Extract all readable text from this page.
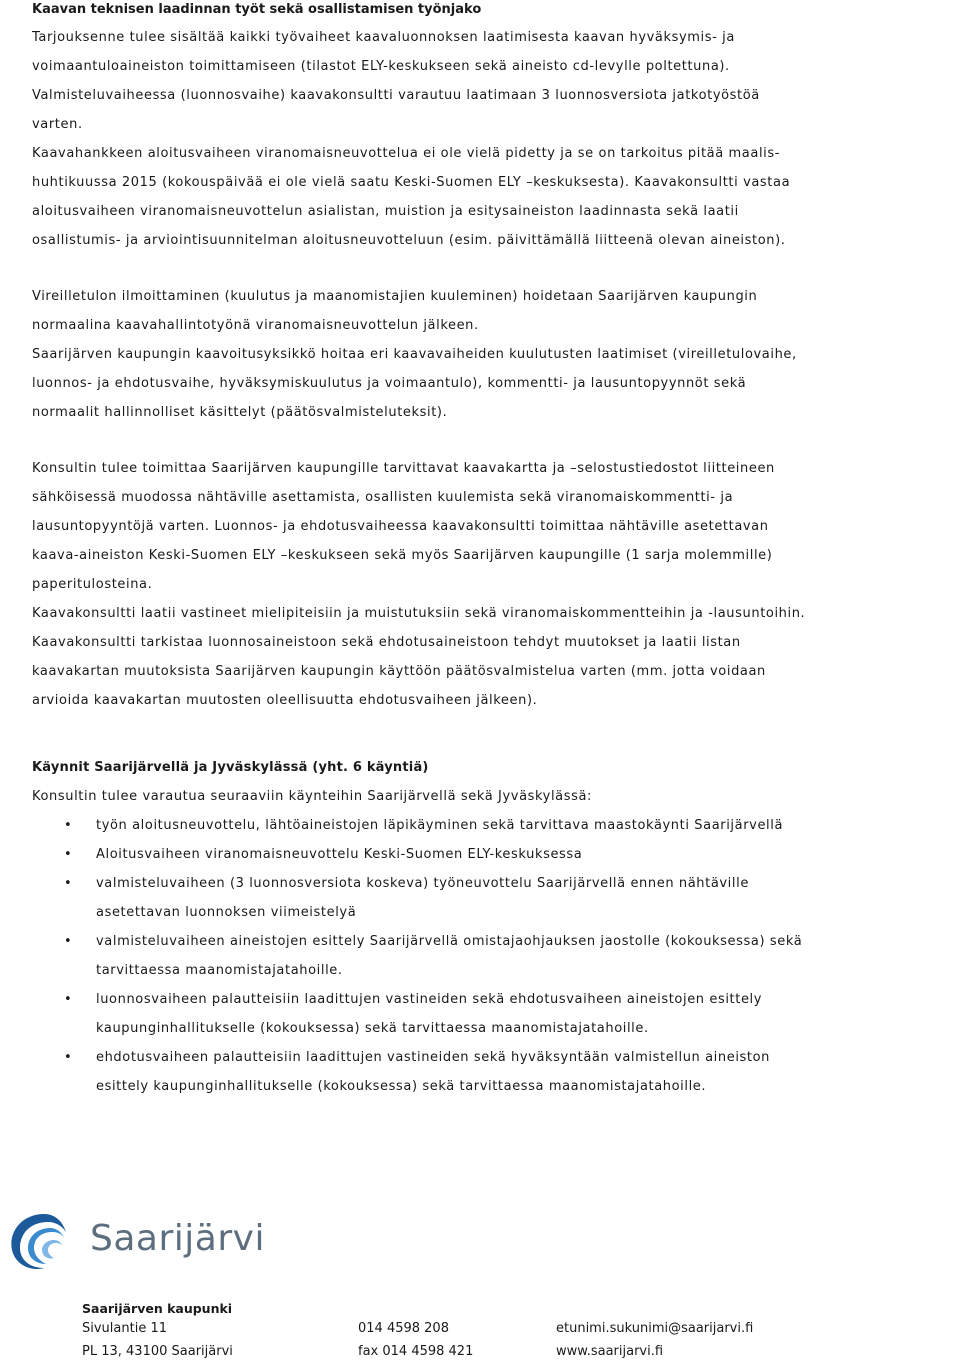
Kaavan teknisen laadinnan työt sekä osallistamisen työnjako

Tarjouksenne tulee sisältää kaikki työvaiheet kaavaluonnoksen laatimisesta kaavan hyväksymis- ja

voimaantuloaineiston toimittamiseen (tilastot ELY-keskukseen sekä aineisto cd-levylle poltettuna).

Valmisteluvaiheessa (luonnosvaihe) kaavakonsultti varautuu laatimaan 3 luonnosversiota jatkotyöstöä

varten.

Kaavahankkeen aloitusvaiheen viranomaisneuvottelua ei ole vielä pidetty ja se on tarkoitus pitää maalis-

huhtikuussa 2015 (kokouspäivää ei ole vielä saatu Keski-Suomen ELY –keskuksesta). Kaavakonsultti vastaa

aloitusvaiheen viranomaisneuvottelun asialistan, muistion ja esitysaineiston laadinnasta sekä laatii

osallistumis- ja arviointisuunnitelman aloitusneuvotteluun (esim. päivittämällä liitteenä olevan aineiston).

Vireilletulon ilmoittaminen (kuulutus ja maanomistajien kuuleminen) hoidetaan Saarijärven kaupungin

normaalina kaavahallintotyönä viranomaisneuvottelun jälkeen.

Saarijärven kaupungin kaavoitusyksikkö hoitaa eri kaavavaiheiden kuulutusten laatimiset (vireilletulovaihe,

luonnos- ja ehdotusvaihe, hyväksymiskuulutus ja voimaantulo), kommentti- ja lausuntopyynnöt sekä

normaalit hallinnolliset käsittelyt (päätösvalmisteluteksit).

Konsultin tulee toimittaa Saarijärven kaupungille tarvittavat kaavakartta ja –selostustiedostot liitteineen

sähköisessä muodossa nähtäville asettamista, osallisten kuulemista sekä viranomaiskommentti- ja

lausuntopyyntöjä varten. Luonnos- ja ehdotusvaiheessa kaavakonsultti toimittaa nähtäville asetettavan

kaava-aineiston Keski-Suomen ELY –keskukseen sekä myös Saarijärven kaupungille (1 sarja molemmille)

paperitulosteina.

Kaavakonsultti laatii vastineet mielipiteisiin ja muistutuksiin sekä viranomaiskommentteihin ja -lausuntoihin.

Kaavakonsultti tarkistaa luonnosaineistoon sekä ehdotusaineistoon tehdyt muutokset ja laatii listan

kaavakartan muutoksista Saarijärven kaupungin käyttöön päätösvalmistelua varten (mm. jotta voidaan

arvioida kaavakartan muutosten oleellisuutta ehdotusvaiheen jälkeen).

Käynnit Saarijärvellä ja Jyväskylässä (yht. 6 käyntiä)

Konsultin tulee varautua seuraaviin käynteihin Saarijärvellä sekä Jyväskylässä:

• työn aloitusneuvottelu, lähtöaineistojen läpikäyminen sekä tarvittava maastokäynti Saarijärvellä
• Aloitusvaiheen viranomaisneuvottelu Keski-Suomen ELY-keskuksessa
• valmisteluvaiheen (3 luonnosversiota koskeva) työneuvottelu Saarijärvellä ennen nähtäville
asetettavan luonnoksen viimeistelyä
• valmisteluvaiheen aineistojen esittely Saarijärvellä omistajaohjauksen jaostolle (kokouksessa) sekä
tarvittaessa maanomistajatahoille.
• luonnosvaiheen palautteisiin laadittujen vastineiden sekä ehdotusvaiheen aineistojen esittely
kaupunginhallitukselle (kokouksessa) sekä tarvittaessa maanomistajatahoille.
• ehdotusvaiheen palautteisiin laadittujen vastineiden sekä hyväksyntään valmistellun aineiston
esittely kaupunginhallitukselle (kokouksessa) sekä tarvittaessa maanomistajatahoille.
Saarijärvi
Saarijärven kaupunki
Sivulantie 11
PL 13, 43100 Saarijärvi
014 4598 208
fax 014 4598 421
etunimi.sukunimi@saarijarvi.fi
www.saarijarvi.fi
